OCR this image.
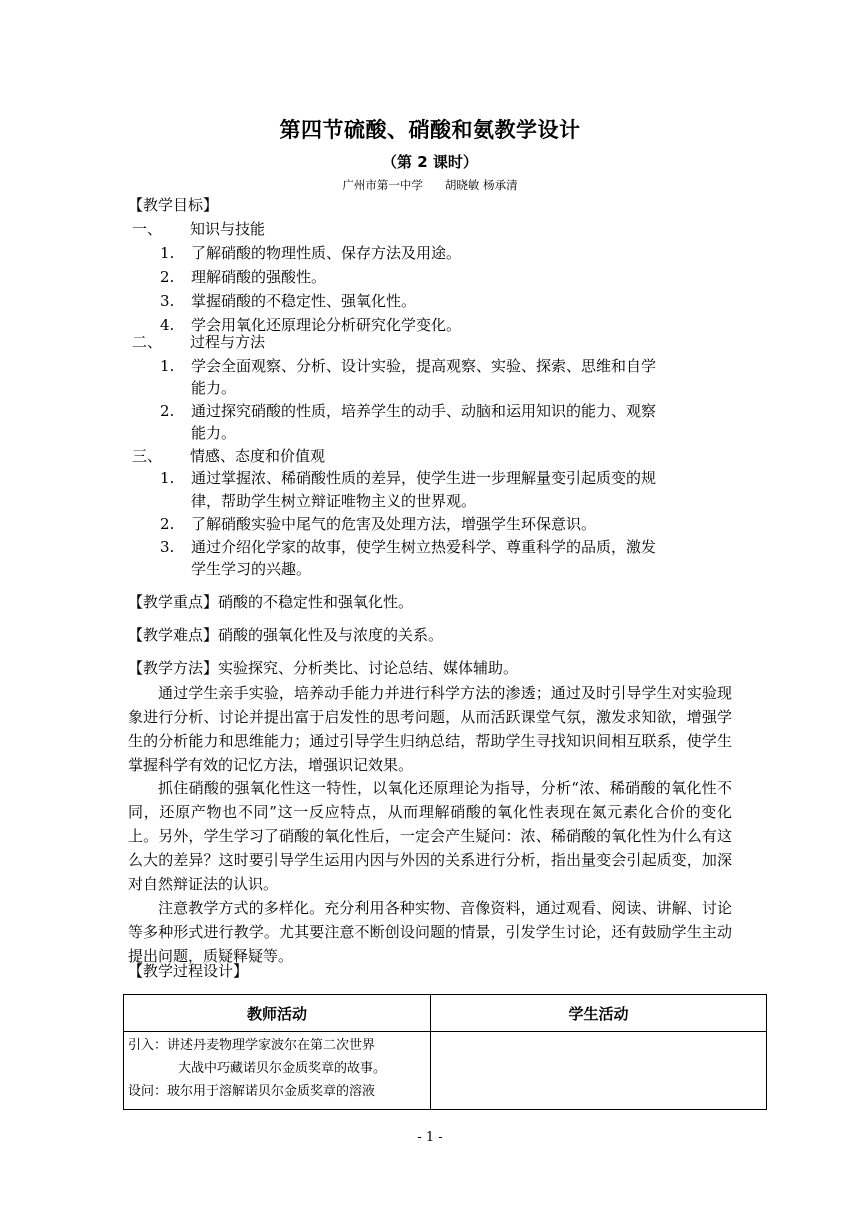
第四节硫酸、硝酸和氨教学设计
（第 2 课时）
广州市第一中学 胡晓敏 杨承清
【教学目标】
一、 知识与技能
1. 了解硝酸的物理性质、保存方法及用途。
2. 理解硝酸的强酸性。
3. 掌握硝酸的不稳定性、强氧化性。
4. 学会用氧化还原理论分析研究化学变化。
二、 过程与方法
1. 学会全面观察、分析、设计实验，提高观察、实验、探索、思维和自学
能力。
2. 通过探究硝酸的性质，培养学生的动手、动脑和运用知识的能力、观察
能力。
三、 情感、态度和价值观
1. 通过掌握浓、稀硝酸性质的差异，使学生进一步理解量变引起质变的规
律，帮助学生树立辩证唯物主义的世界观。
2. 了解硝酸实验中尾气的危害及处理方法，增强学生环保意识。
3. 通过介绍化学家的故事，使学生树立热爱科学、尊重科学的品质，激发
学生学习的兴趣。
【教学重点】硝酸的不稳定性和强氧化性。
【教学难点】硝酸的强氧化性及与浓度的关系。
【教学方法】实验探究、分析类比、讨论总结、媒体辅助。
通过学生亲手实验，培养动手能力并进行科学方法的渗透；通过及时引导学生对实验现象进行分析、讨论并提出富于启发性的思考问题，从而活跃课堂气氛，激发求知欲，增强学生的分析能力和思维能力；通过引导学生归纳总结，帮助学生寻找知识间相互联系，使学生掌握科学有效的记忆方法，增强识记效果。
抓住硝酸的强氧化性这一特性，以氧化还原理论为指导，分析“浓、稀硝酸的氧化性不同，还原产物也不同”这一反应特点，从而理解硝酸的氧化性表现在氮元素化合价的变化上。另外，学生学习了硝酸的氧化性后，一定会产生疑问：浓、稀硝酸的氧化性为什么有这么大的差异？这时要引导学生运用内因与外因的关系进行分析，指出量变会引起质变，加深对自然辩证法的认识。
注意教学方式的多样化。充分利用各种实物、音像资料，通过观看、阅读、讲解、讨论等多种形式进行教学。尤其要注意不断创设问题的情景，引发学生讨论，还有鼓励学生主动提出问题，质疑释疑等。
【教学过程设计】
教师活动	学生活动

引入：讲述丹麦物理学家波尔在第二次世界
大战中巧藏诺贝尔金质奖章的故事。
设问：玻尔用于溶解诺贝尔金质奖章的溶液	

- 1 -
